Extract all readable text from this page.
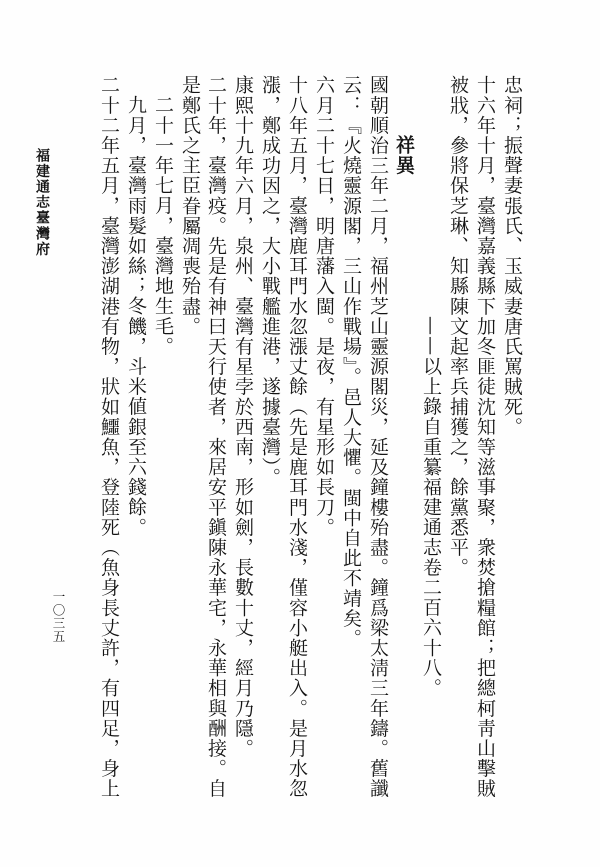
忠祠；振聲妻張氏、玉威妻唐氏罵賊死。
十六年十月，臺灣嘉義縣下加冬匪徒沈知等滋事聚，衆焚搶糧館；把總柯靑山擊賊
被戕，參將保芝琳、知縣陳文起率兵捕獲之，餘黨悉平。
——以上錄自重纂福建通志卷二百六十八。
祥異
國朝順治三年二月，福州芝山靈源閣災，延及鐘樓殆盡。鐘爲梁太淸三年鑄。舊讖
云：『火燒靈源閣，三山作戰場』。邑人大懼。閩中自此不靖矣。
六月二十七日，明唐藩入閩。是夜，有星形如長刀。
十八年五月，臺灣鹿耳門水忽漲丈餘（先是鹿耳門水淺，僅容小艇出入。是月水忽
漲，鄭成功因之，大小戰艦進港，遂據臺灣）。
康熙十九年六月，泉州、臺灣有星孛於西南，形如劍，長數十丈，經月乃隱。
二十年，臺灣疫。先是有神曰天行使者，來居安平鎭陳永華宅，永華相與酬接。自
是鄭氏之主臣眷屬凋喪殆盡。
二十一年七月，臺灣地生毛。
九月，臺灣雨髮如絲；冬饑，斗米値銀至六錢餘。
二十二年五月，臺灣澎湖港有物，狀如鱷魚，登陸死（魚身長丈許，有四足，身上
福建通志臺灣府
一〇三五
